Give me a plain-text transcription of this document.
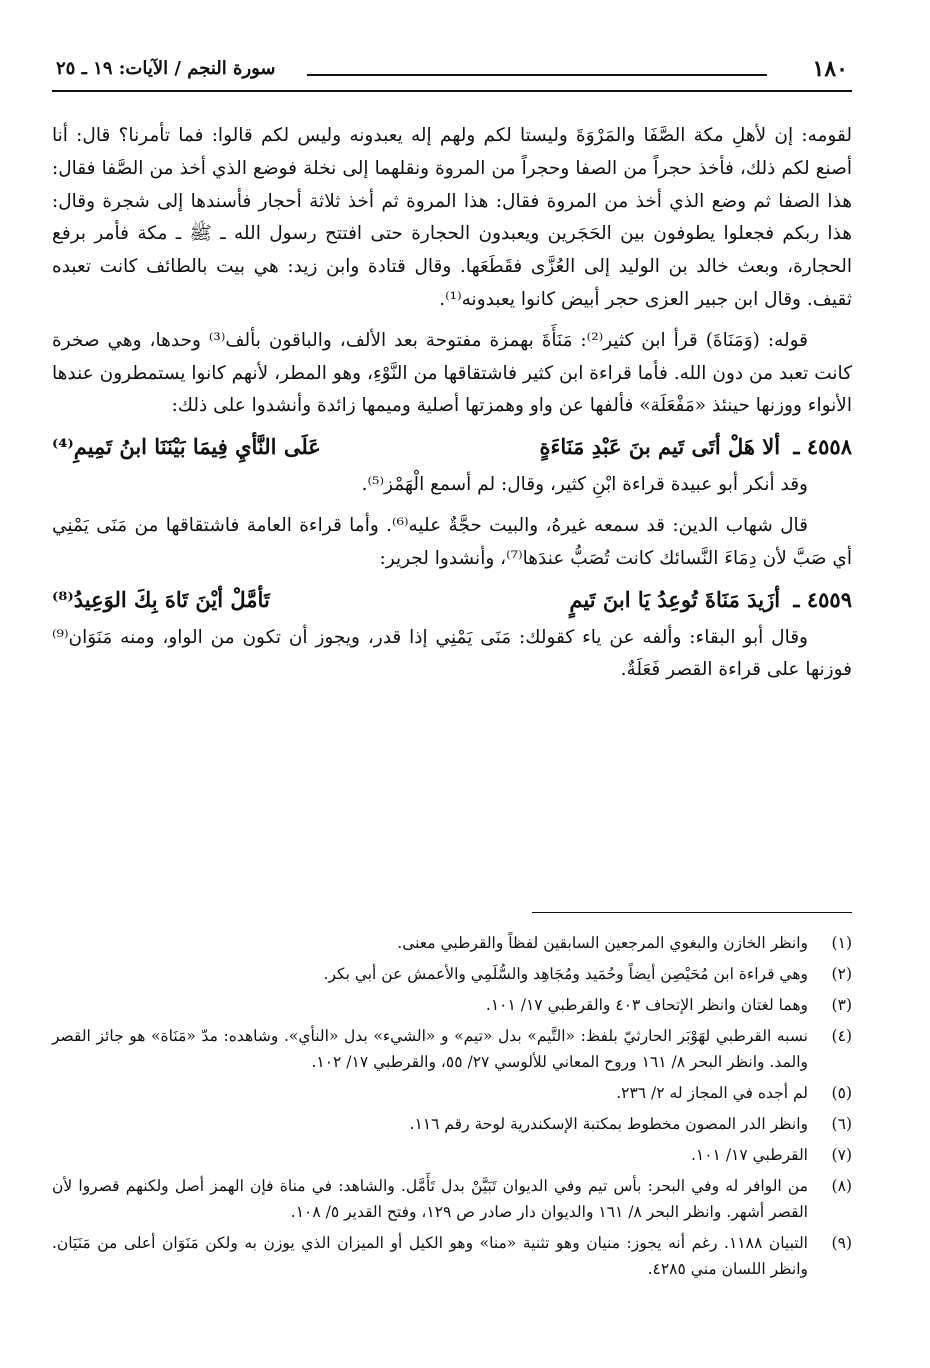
١٨٠
سورة النجم / الآيات: ١٩ ـ ٢٥

لقومه: إن لأهلِ مكة الصَّفَا والمَرْوَةَ وليستا لكم ولهم إله يعبدونه وليس لكم قالوا: فما تأمرنا؟ قال: أنا أصنع لكم ذلك، فأخذ حجراً من الصفا وحجراً من المروة ونقلهما إلى نخلة فوضع الذي أخذ من الصَّفا فقال: هذا الصفا ثم وضع الذي أخذ من المروة فقال: هذا المروة ثم أخذ ثلاثة أحجار فأسندها إلى شجرة وقال: هذا ربكم فجعلوا يطوفون بين الحَجَرين ويعبدون الحجارة حتى افتتح رسول الله ـ ﷺ ـ مكة فأمر برفع الحجارة، وبعث خالد بن الوليد إلى العُزَّى فقَطَعَها. وقال قتادة وابن زيد: هي بيت بالطائف كانت تعبده ثقيف. وقال ابن جبير العزى حجر أبيض كانوا يعبدونه⁽¹⁾.

قوله: (وَمَنَاةَ) قرأ ابن كثير⁽²⁾: مَنَأَةَ بهمزة مفتوحة بعد الألف، والباقون بألف⁽³⁾ وحدها، وهي صخرة كانت تعبد من دون الله. فأما قراءة ابن كثير فاشتقاقها من النَّوْءِ، وهو المطر، لأنهم كانوا يستمطرون عندها الأنواء ووزنها حينئذ «مَفْعَلَة» فألفها عن واو وهمزتها أصلية وميمها زائدة وأنشدوا على ذلك:

٤٥٥٨ ـ ألا هَلْ أتَى تَيم بنَ عَبْدِ مَنَاءَةٍ
عَلَى النَّأيِ فِيمَا بَيْنَنَا ابنُ تَمِيمِ⁽⁴⁾

وقد أنكر أبو عبيدة قراءة ابْنِ كثير، وقال: لم أسمع الْهَمْز⁽⁵⁾.

قال شهاب الدين: قد سمعه غيرهُ، والبيت حجَّةٌ عليه⁽⁶⁾. وأما قراءة العامة فاشتقاقها من مَنَى يَمْنِي أي صَبَّ لأن دِمَاءَ النَّسائك كانت تُصَبُّ عندَها⁽⁷⁾، وأنشدوا لجرير:

٤٥٥٩ ـ أزَيدَ مَنَاةَ تُوعِدُ يَا ابنَ تَيمٍ
تَأمَّلْ أيْنَ تَاهَ بِكَ الوَعِيدُ⁽⁸⁾

وقال أبو البقاء: وألفه عن ياء كقولك: مَنَى يَمْنِي إذا قدر، ويجوز أن تكون من الواو، ومنه مَنَوَان⁽⁹⁾ فوزنها على قراءة القصر فَعَلَةٌ.

(١)
وانظر الخازن والبغوي المرجعين السابقين لفظاً والقرطبي معنى.
(٢)
وهي قراءة ابن مُحَيْصِن أيضاً وحُمَيد ومُجَاهِد والسُّلَمِي والأعمش عن أبي بكر.
(٣)
وهما لغتان وانظر الإتحاف ٤٠٣ والقرطبي ١٧/ ١٠١.
(٤)
نسبه القرطبي لهَوْبَر الحارثيّ بلفظ: «التَّيم» بدل «تيم» و «الشيء» بدل «النأي». وشاهده: مدّ «مَنَاة» هو جائز القصر والمد. وانظر البحر ٨/ ١٦١ وروح المعاني للألوسي ٢٧/ ٥٥، والقرطبي ١٧/ ١٠٢.
(٥)
لم أجده في المجاز له ٢/ ٢٣٦.
(٦)
وانظر الدر المصون مخطوط بمكتبة الإسكندرية لوحة رقم ١١٦.
(٧)
القرطبي ١٧/ ١٠١.
(٨)
من الوافر له وفي البحر: بأس تيم وفي الديوان تَبَيَّنْ بدل تَأَمَّل. والشاهد: في مناة فإن الهمز أصل ولكنهم قصروا لأن القصر أشهر. وانظر البحر ٨/ ١٦١ والديوان دار صادر ص ١٢٩، وفتح القدير ٥/ ١٠٨.
(٩)
التبيان ١١٨٨. رغم أنه يجوز: منيان وهو تثنية «منا» وهو الكيل أو الميزان الذي يوزن به ولكن مَنَوَان أعلى من مَنَيَان. وانظر اللسان مني ٤٢٨٥.
